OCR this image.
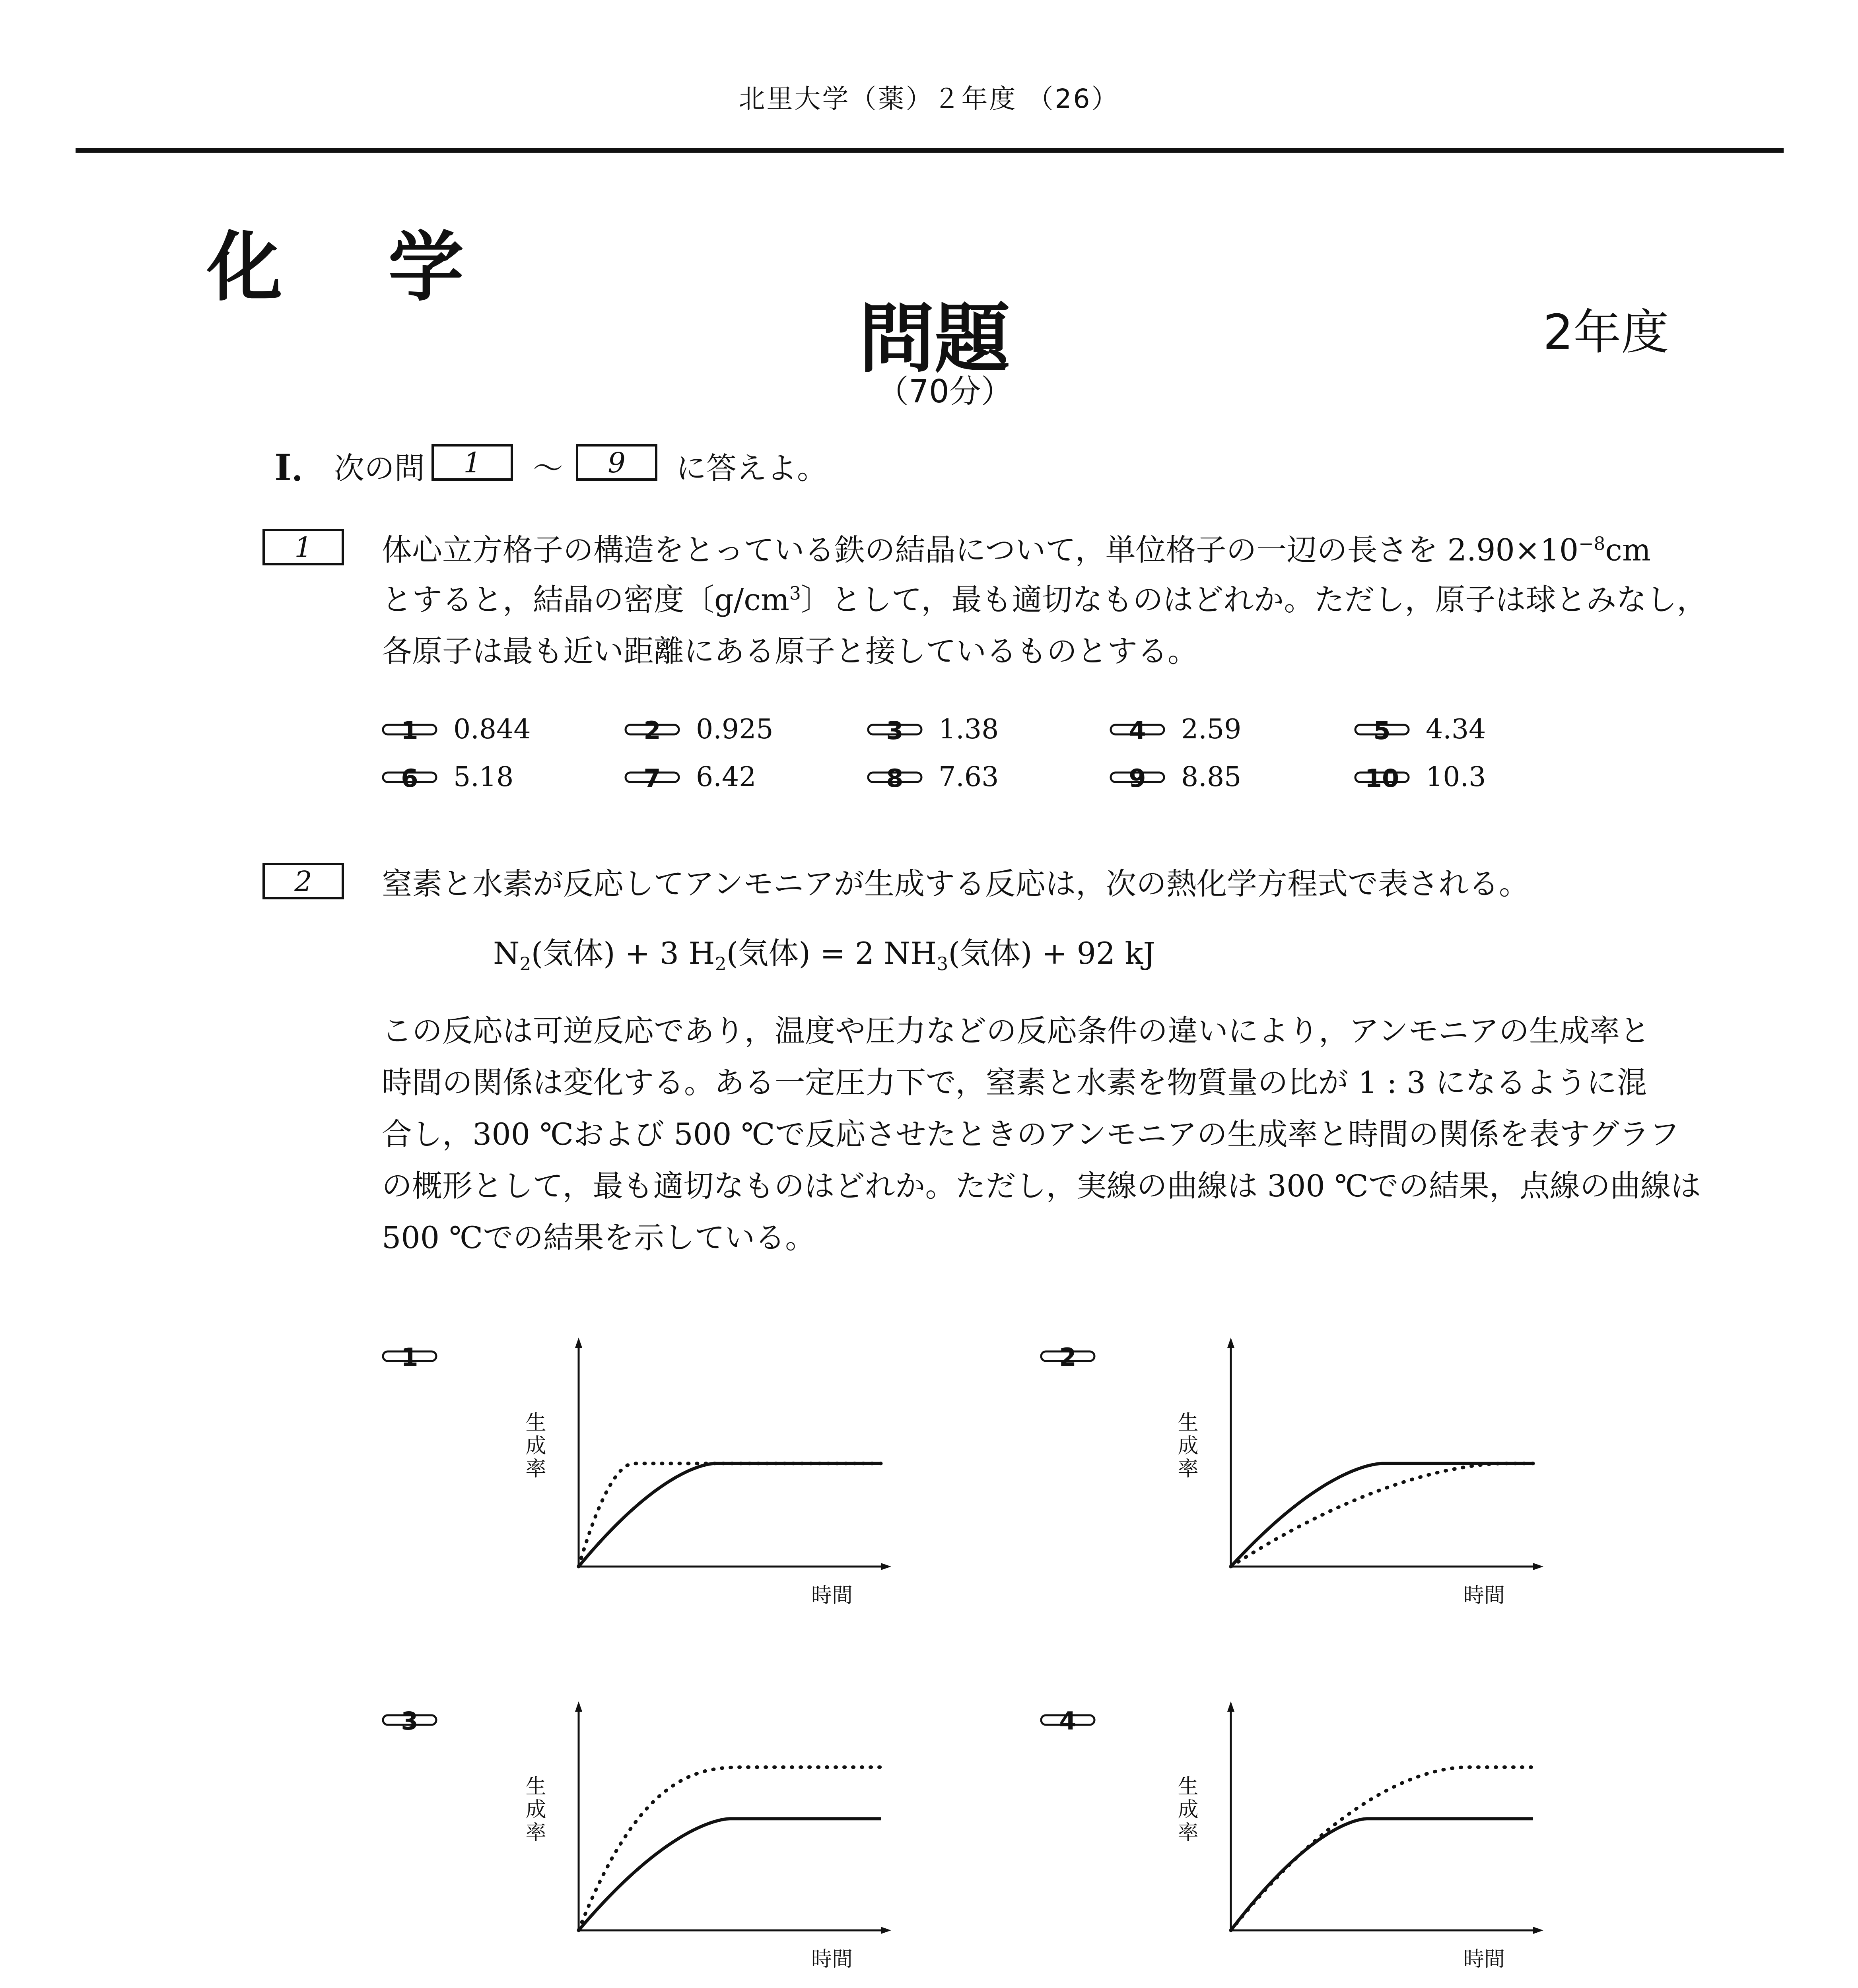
北里大学（薬）２年度 （26）
化 学
問題	2年度
（70分）
Ⅰ． 次の問	1	〜	9	に答えよ。
1	体心立方格子の構造をとっている鉄の結晶について，単位格子の一辺の長さを $2.90\times 10^{-8}cm$
とすると，結晶の密度〔$g/cm^3$〕として，最も適切なものはどれか。ただし，原子は球とみなし，
各原子は最も近い距離にある原子と接しているものとする。
1	0.844	2	0.925	3	1.38	4	2.59	5	4.34
6	5.18	7	6.42	8	7.63	9	8.85	10 10.3
2	窒素と水素が反応してアンモニアが生成する反応は，次の熱化学方程式で表される。
$N_2$(気体) + 3 $H_2$(気体) = 2 $NH_3$(気体) + 92 kJ
この反応は可逆反応であり，温度や圧力などの反応条件の違いにより，アンモニアの生成率と
時間の関係は変化する。ある一定圧力下で，窒素と水素を物質量の比が 1 : 3 になるように混
合し，300 ℃および 500 ℃で反応させたときのアンモニアの生成率と時間の関係を表すグラフ
の概形として，最も適切なものはどれか。ただし，実線の曲線は 300 ℃での結果，点線の曲線は
500 ℃での結果を示している。
1
生成率
時間
2
生成率
時間
3
生成率
時間
4
生成率
時間
